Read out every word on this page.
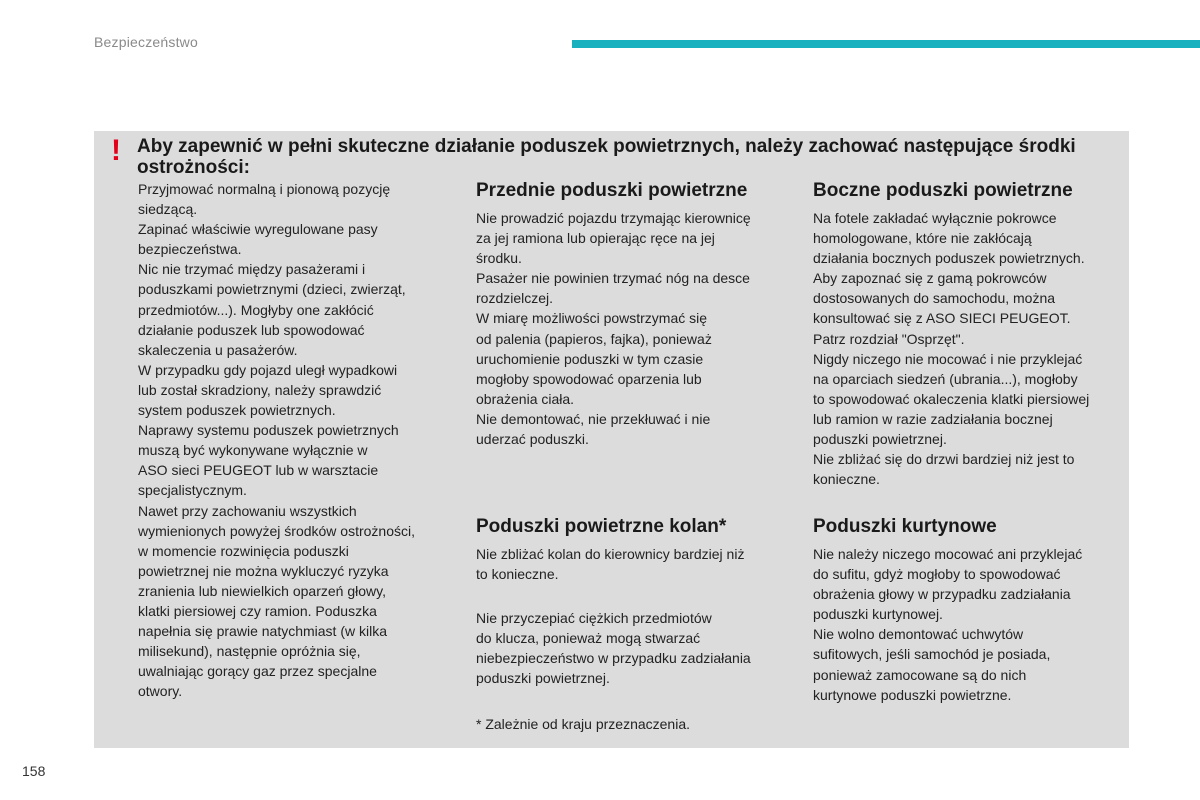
Bezpieczeństwo
! Aby zapewnić w pełni skuteczne działanie poduszek powietrznych, należy zachować następujące środki ostrożności:

Przyjmować normalną i pionową pozycję

siedzącą.

Zapinać właściwie wyregulowane pasy

bezpieczeństwa.

Nic nie trzymać między pasażerami i

poduszkami powietrznymi (dzieci, zwierząt,

przedmiotów...). Mogłyby one zakłócić

działanie poduszek lub spowodować

skaleczenia u pasażerów.

W przypadku gdy pojazd uległ wypadkowi

lub został skradziony, należy sprawdzić

system poduszek powietrznych.

Naprawy systemu poduszek powietrznych

muszą być wykonywane wyłącznie w

ASO sieci PEUGEOT lub w warsztacie

specjalistycznym.

Nawet przy zachowaniu wszystkich

wymienionych powyżej środków ostrożności,

w momencie rozwinięcia poduszki

powietrznej nie można wykluczyć ryzyka

zranienia lub niewielkich oparzeń głowy,

klatki piersiowej czy ramion. Poduszka

napełnia się prawie natychmiast (w kilka

milisekund), następnie opróżnia się,

uwalniając gorący gaz przez specjalne

otwory.

Przednie poduszki powietrzne

Nie prowadzić pojazdu trzymając kierownicę

za jej ramiona lub opierając ręce na jej

środku.

Pasażer nie powinien trzymać nóg na desce

rozdzielczej.

W miarę możliwości powstrzymać się

od palenia (papieros, fajka), ponieważ

uruchomienie poduszki w tym czasie

mogłoby spowodować oparzenia lub

obrażenia ciała.

Nie demontować, nie przekłuwać i nie

uderzać poduszki.

Poduszki powietrzne kolan*

Nie zbliżać kolan do kierownicy bardziej niż

to konieczne.

Nie przyczepiać ciężkich przedmiotów

do klucza, ponieważ mogą stwarzać

niebezpieczeństwo w przypadku zadziałania

poduszki powietrznej.

* Zależnie od kraju przeznaczenia.
Boczne poduszki powietrzne

Na fotele zakładać wyłącznie pokrowce

homologowane, które nie zakłócają

działania bocznych poduszek powietrznych.

Aby zapoznać się z gamą pokrowców

dostosowanych do samochodu, można

konsultować się z ASO SIECI PEUGEOT.

Patrz rozdział "Osprzęt".

Nigdy niczego nie mocować i nie przyklejać

na oparciach siedzeń (ubrania...), mogłoby

to spowodować okaleczenia klatki piersiowej

lub ramion w razie zadziałania bocznej

poduszki powietrznej.

Nie zbliżać się do drzwi bardziej niż jest to

konieczne.

Poduszki kurtynowe

Nie należy niczego mocować ani przyklejać

do sufitu, gdyż mogłoby to spowodować

obrażenia głowy w przypadku zadziałania

poduszki kurtynowej.

Nie wolno demontować uchwytów

sufitowych, jeśli samochód je posiada,

ponieważ zamocowane są do nich

kurtynowe poduszki powietrzne.

158
